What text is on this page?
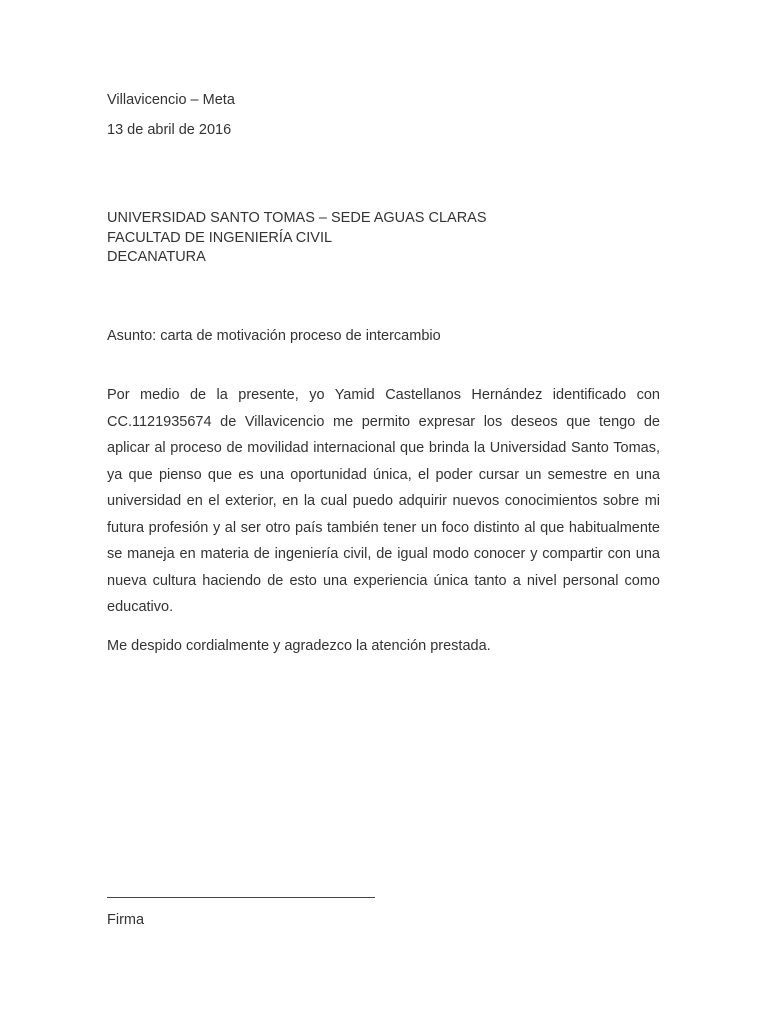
Villavicencio – Meta
13 de abril de 2016
UNIVERSIDAD SANTO TOMAS – SEDE AGUAS CLARAS
FACULTAD DE INGENIERÍA CIVIL
DECANATURA
Asunto: carta de motivación proceso de intercambio
Por medio de la presente, yo Yamid Castellanos Hernández identificado con CC.1121935674 de Villavicencio me permito expresar los deseos que tengo de aplicar al proceso de movilidad internacional que brinda la Universidad Santo Tomas, ya que pienso que es una oportunidad única, el poder cursar un semestre en una universidad en el exterior, en la cual puedo adquirir nuevos conocimientos sobre mi futura profesión y al ser otro país también tener un foco distinto al que habitualmente se maneja en materia de ingeniería civil, de igual modo conocer y compartir con una nueva cultura haciendo de esto una experiencia única tanto a nivel personal como educativo.
Me despido cordialmente y agradezco la atención prestada.
Firma
